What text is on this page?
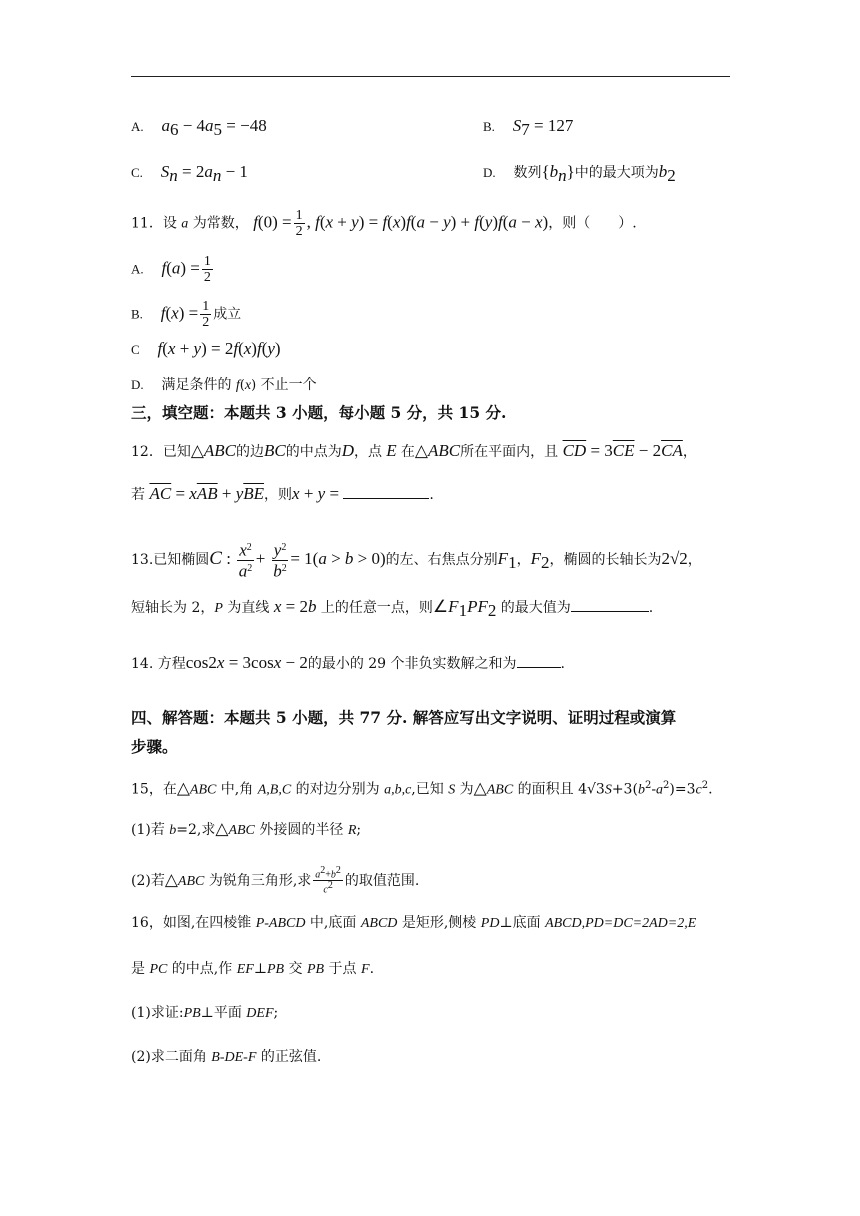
A. $a_6 - 4a_5 = -48$	B. $S_7 = 127$
C. $S_n = 2a_n - 1$	D. 数列$\{b_n\}$中的最大项为$b_2$
11．设 a 为常数， $f(0) = \frac{1}{2}$ , f(x + y) = f(x)f(a − y) + f(y)f(a − x)，则（　　）.
A. $f(a) = \frac{1}{2}$
B. $f(x) = \frac{1}{2}$ 成立
C f(x + y) = 2f(x)f(y)
D. 满足条件的 f(x) 不止一个
三，填空题：本题共 3 小题，每小题 5 分，共 15 分.
12．已知△ABC的边BC的中点为D，点 E 在△ABC所在平面内，且 $\overline{CD} = 3\overline{CE} - 2\overline{CA}$，
若 $\overline{AC} = x\overline{AB} + y\overline{BE}$，则x + y =	.
13.已知椭圆C : $\frac{x^2}{a^2} + \frac{y^2}{b^2} = 1(a > b > 0)$的左、右焦点分别$F_1$，$F_2$，椭圆的长轴长为2√2，
短轴长为 2，P 为直线 x = 2b 上的任意一点，则$\angle F_1PF_2$ 的最大值为	.
14. 方程cos2x = 3cosx − 2的最小的 29 个非负实数解之和为	.
四、解答题：本题共 5 小题，共 77 分. 解答应写出文字说明、证明过程或演算
步骤。
15，在△ABC 中,角 A,B,C 的对边分别为 a,b,c,已知 S 为△ABC 的面积且 $4√3S+3(b^2-a^2)=3c^2$.
(1)若 b=2,求△ABC 外接圆的半径 R;
(2)若△ABC 为锐角三角形,求 $\frac{a^2+b^2}{c^2}$ 的取值范围.
16，如图,在四棱锥 P-ABCD 中,底面 ABCD 是矩形,侧棱 PD⊥底面 ABCD,PD=DC=2AD=2,E
是 PC 的中点,作 EF⊥PB 交 PB 于点 F.
(1)求证:PB⊥平面 DEF;
(2)求二面角 B-DE-F 的正弦值.
